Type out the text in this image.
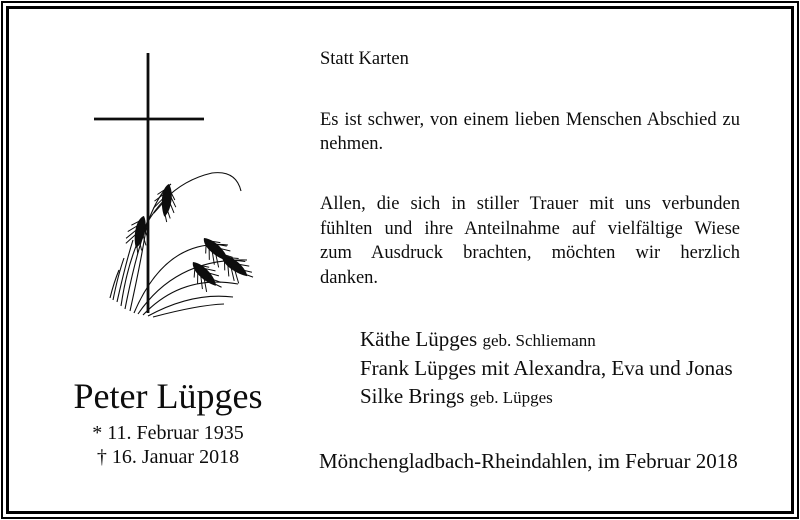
Statt Karten
Es ist schwer, von einem lieben Menschen Abschied zu
nehmen.
Allen, die sich in stiller Trauer mit uns verbunden
fühlten und ihre Anteilnahme auf vielfältige Wiese
zum Ausdruck brachten, möchten wir herzlich
danken.
Käthe Lüpges geb. Schliemann
Frank Lüpges mit Alexandra, Eva und Jonas
Silke Brings geb. Lüpges
Mönchengladbach-Rheindahlen, im Februar 2018
Peter Lüpges
* 11. Februar 1935
† 16. Januar 2018
